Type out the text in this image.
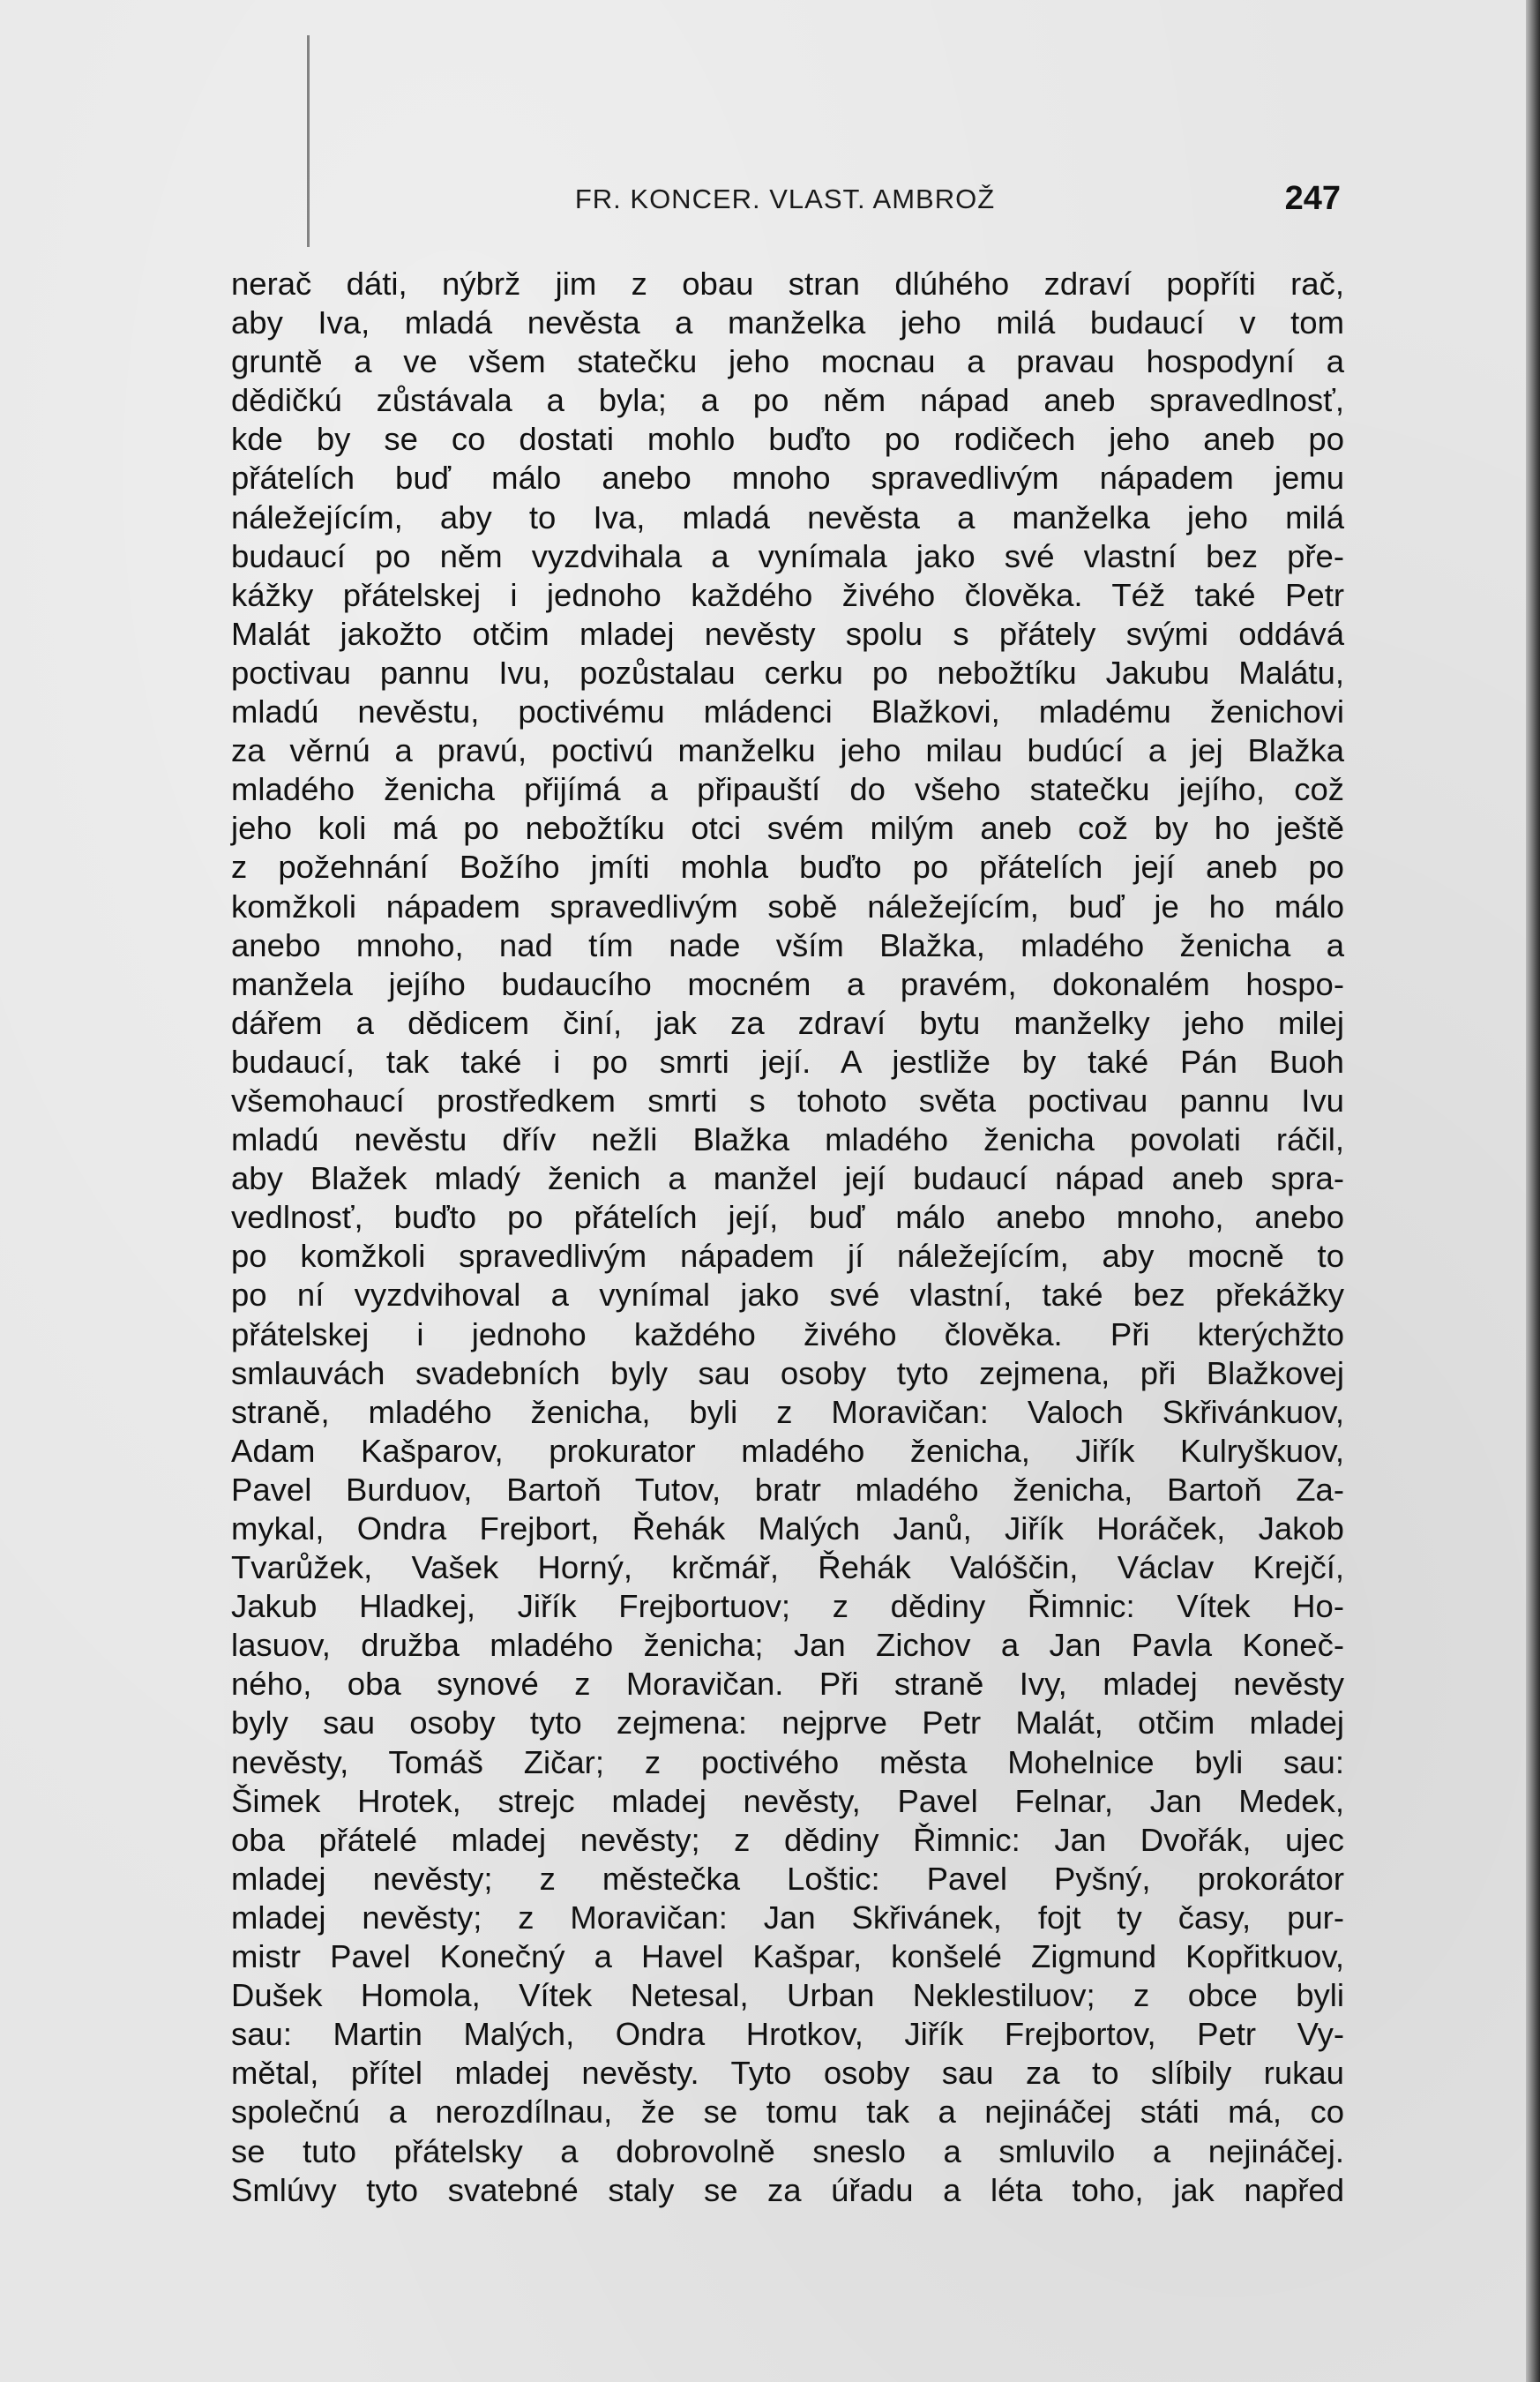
FR. KONCER. VLAST. AMBROŽ	247
nerač dáti, nýbrž jim z obau stran dlúhého zdraví popříti rač,
aby Iva, mladá nevěsta a manželka jeho milá budaucí v tom
gruntě a ve všem statečku jeho mocnau a pravau hospodyní a
dědičkú zůstávala a byla; a po něm nápad aneb spravedlnosť,
kde by se co dostati mohlo buďto po rodičech jeho aneb po
přátelích buď málo anebo mnoho spravedlivým nápadem jemu
náležejícím, aby to Iva, mladá nevěsta a manželka jeho milá
budaucí po něm vyzdvihala a vynímala jako své vlastní bez pře-
kážky přátelskej i jednoho každého živého člověka. Též také Petr
Malát jakožto otčim mladej nevěsty spolu s přátely svými oddává
poctivau pannu Ivu, pozůstalau cerku po nebožtíku Jakubu Malátu,
mladú nevěstu, poctivému mládenci Blažkovi, mladému ženichovi
za věrnú a pravú, poctivú manželku jeho milau budúcí a jej Blažka
mladého ženicha přijímá a připauští do všeho statečku jejího, což
jeho koli má po nebožtíku otci svém milým aneb což by ho ještě
z požehnání Božího jmíti mohla buďto po přátelích její aneb po
komžkoli nápadem spravedlivým sobě náležejícím, buď je ho málo
anebo mnoho, nad tím nade vším Blažka, mladého ženicha a
manžela jejího budaucího mocném a pravém, dokonalém hospo-
dářem a dědicem činí, jak za zdraví bytu manželky jeho milej
budaucí, tak také i po smrti její. A jestliže by také Pán Buoh
všemohaucí prostředkem smrti s tohoto světa poctivau pannu Ivu
mladú nevěstu dřív nežli Blažka mladého ženicha povolati ráčil,
aby Blažek mladý ženich a manžel její budaucí nápad aneb spra-
vedlnosť, buďto po přátelích její, buď málo anebo mnoho, anebo
po komžkoli spravedlivým nápadem jí náležejícím, aby mocně to
po ní vyzdvihoval a vynímal jako své vlastní, také bez překážky
přátelskej i jednoho každého živého člověka. Při kterýchžto
smlauvách svadebních byly sau osoby tyto zejmena, při Blažkovej
straně, mladého ženicha, byli z Moravičan: Valoch Skřivánkuov,
Adam Kašparov, prokurator mladého ženicha, Jiřík Kulryškuov,
Pavel Burduov, Bartoň Tutov, bratr mladého ženicha, Bartoň Za-
mykal, Ondra Frejbort, Řehák Malých Janů, Jiřík Horáček, Jakob
Tvarůžek, Vašek Horný, krčmář, Řehák Valóščin, Václav Krejčí,
Jakub Hladkej, Jiřík Frejbortuov; z dědiny Řimnic: Vítek Ho-
lasuov, družba mladého ženicha; Jan Zichov a Jan Pavla Koneč-
ného, oba synové z Moravičan. Při straně Ivy, mladej nevěsty
byly sau osoby tyto zejmena: nejprve Petr Malát, otčim mladej
nevěsty, Tomáš Zičar; z poctivého města Mohelnice byli sau:
Šimek Hrotek, strejc mladej nevěsty, Pavel Felnar, Jan Medek,
oba přátelé mladej nevěsty; z dědiny Řimnic: Jan Dvořák, ujec
mladej nevěsty; z městečka Loštic: Pavel Pyšný, prokorátor
mladej nevěsty; z Moravičan: Jan Skřivánek, fojt ty časy, pur-
mistr Pavel Konečný a Havel Kašpar, konšelé Zigmund Kopřitkuov,
Dušek Homola, Vítek Netesal, Urban Neklestiluov; z obce byli
sau: Martin Malých, Ondra Hrotkov, Jiřík Frejbortov, Petr Vy-
mětal, přítel mladej nevěsty. Tyto osoby sau za to slíbily rukau
společnú a nerozdílnau, že se tomu tak a nejináčej státi má, co
se tuto přátelsky a dobrovolně sneslo a smluvilo a nejináčej.
Smlúvy tyto svatebné staly se za úřadu a léta toho, jak napřed
